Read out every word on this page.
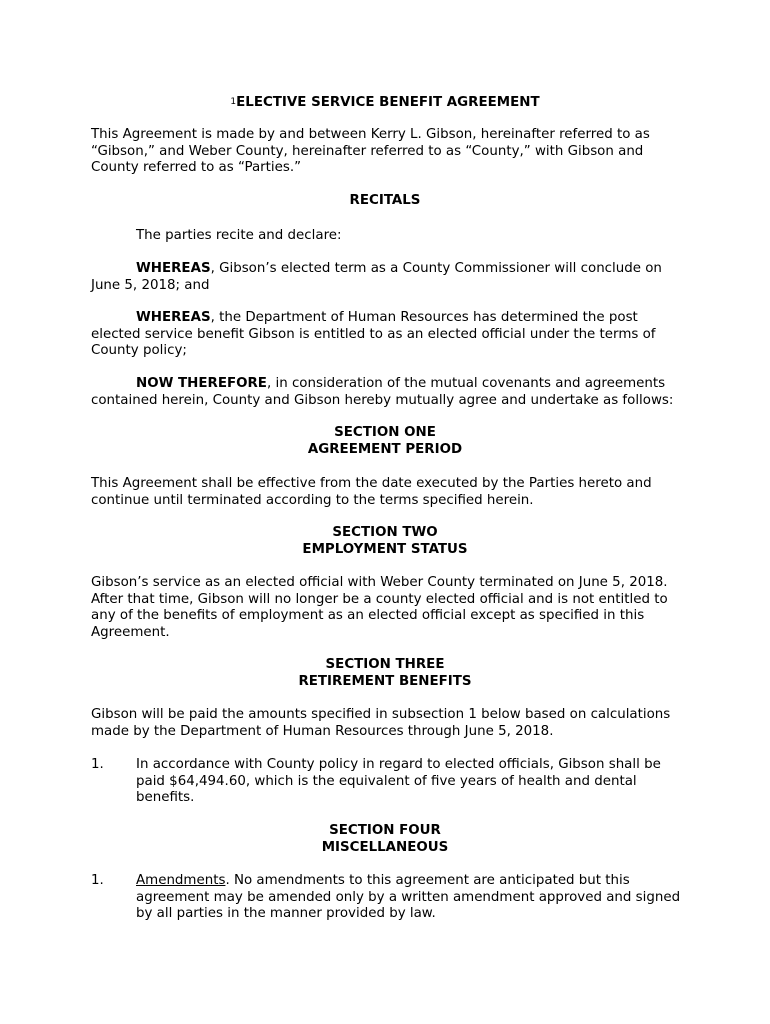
$^1$ELECTIVE SERVICE BENEFIT AGREEMENT

This Agreement is made by and between Kerry L. Gibson, hereinafter referred to as “Gibson,” and Weber County, hereinafter referred to as “County,” with Gibson and County referred to as “Parties.”

RECITALS

The parties recite and declare:

WHEREAS, Gibson’s elected term as a County Commissioner will conclude on June 5, 2018; and

WHEREAS, the Department of Human Resources has determined the post elected service benefit Gibson is entitled to as an elected official under the terms of County policy;

NOW THEREFORE, in consideration of the mutual covenants and agreements contained herein, County and Gibson hereby mutually agree and undertake as follows:

SECTION ONE
AGREEMENT PERIOD

This Agreement shall be effective from the date executed by the Parties hereto and continue until terminated according to the terms specified herein.

SECTION TWO
EMPLOYMENT STATUS

Gibson’s service as an elected official with Weber County terminated on June 5, 2018. After that time, Gibson will no longer be a county elected official and is not entitled to any of the benefits of employment as an elected official except as specified in this Agreement.

SECTION THREE
RETIREMENT BENEFITS

Gibson will be paid the amounts specified in subsection 1 below based on calculations made by the Department of Human Resources through June 5, 2018.

1. In accordance with County policy in regard to elected officials, Gibson shall be paid $64,494.60, which is the equivalent of five years of health and dental benefits.
SECTION FOUR
MISCELLANEOUS
1. Amendments. No amendments to this agreement are anticipated but this agreement may be amended only by a written amendment approved and signed by all parties in the manner provided by law.
